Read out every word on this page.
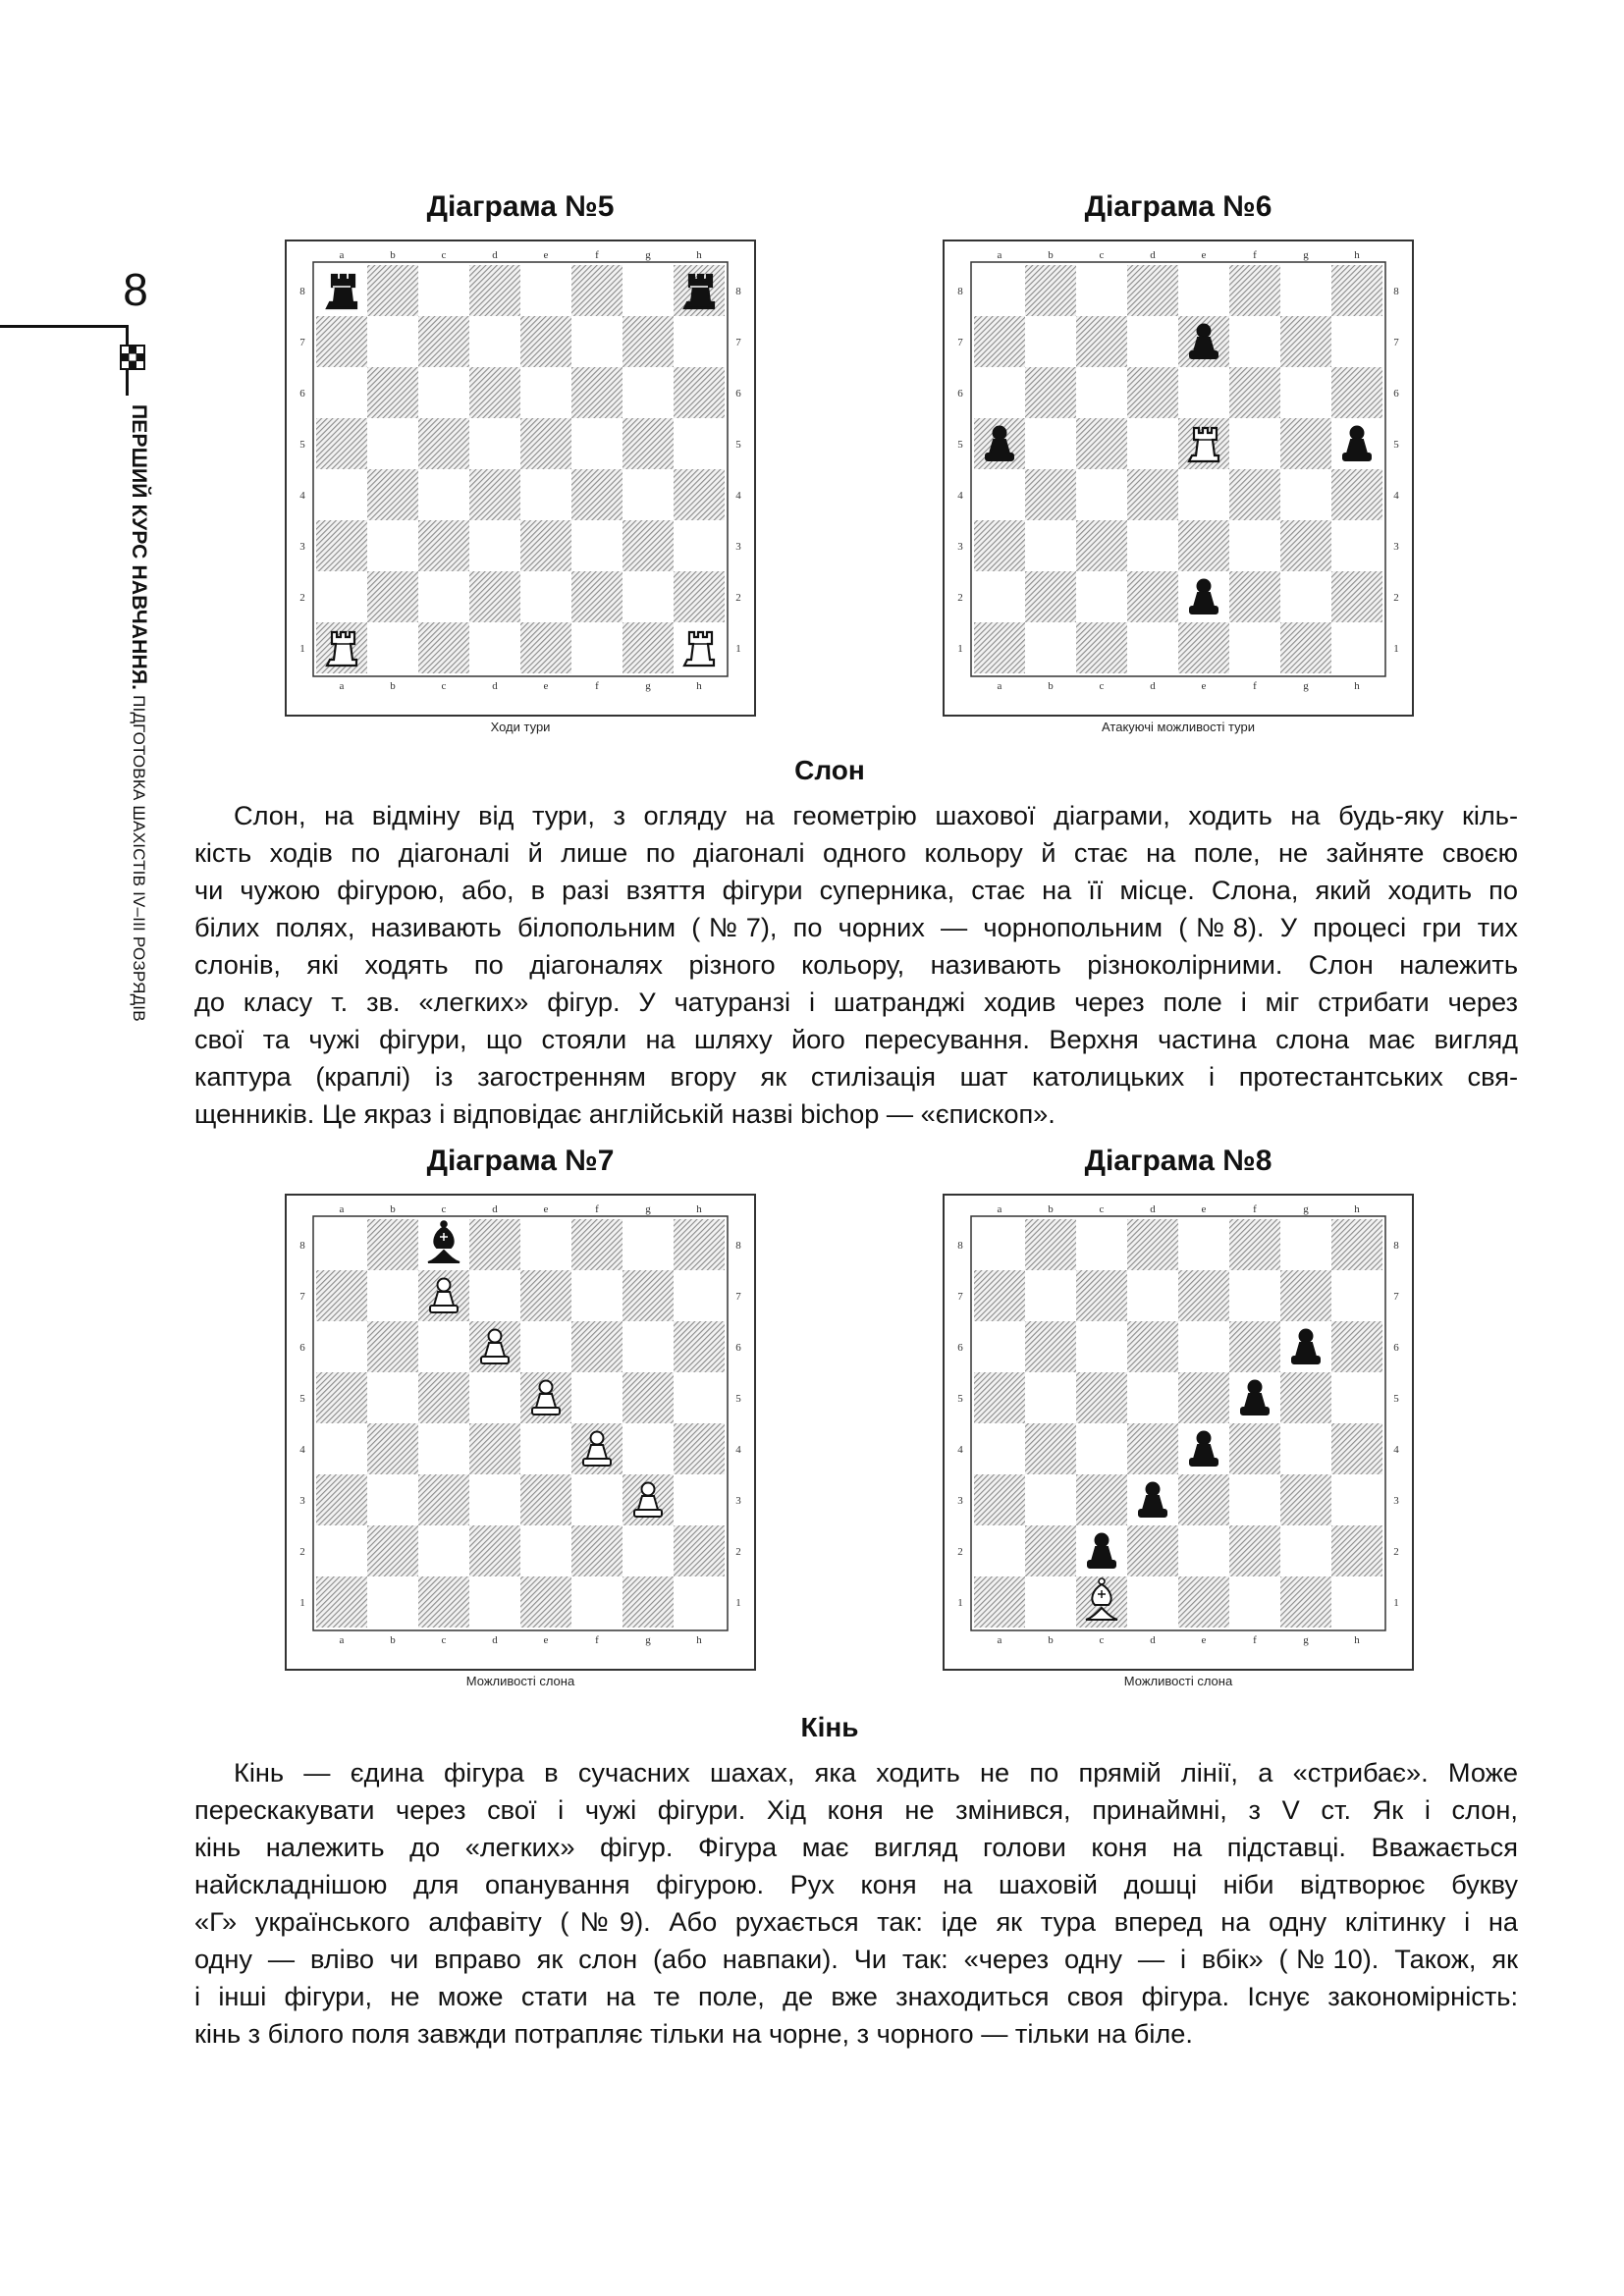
8
ПЕРШИЙ КУРС НАВЧАННЯ. ПІДГОТОВКА ШАХІСТІВ IV–III РОЗРЯДІВ
Діаграма №5
a
a
b
b
c
c
d
d
e
e
f
f
g
g
h
h
8	8
7	7
6	6
5	5
4	4
3	3
2	2
1	1
Ходи тури
Діаграма №6
a
a
b
b
c
c
d
d
e
e
f
f
g
g
h
h
8	8
7	7
6	6
5	5
4	4
3	3
2	2
1	1
Атакуючі можливості тури
Слон
Слон, на відміну від тури, з огляду на геометрію шахової діаграми, ходить на будь-яку кіль-
кість ходів по діагоналі й лише по діагоналі одного кольору й стає на поле, не зайняте своєю
чи чужою фігурою, або, в разі взяття фігури суперника, стає на її місце. Слона, який ходить по
білих полях, називають білопольним (№7), по чорних — чорнопольним (№8). У процесі гри тих
слонів, які ходять по діагоналях різного кольору, називають різноколірними. Слон належить
до класу т. зв. «легких» фігур. У чатуранзі і шатранджі ходив через поле і міг стрибати через
свої та чужі фігури, що стояли на шляху його пересування. Верхня частина слона має вигляд
каптура (краплі) із загостренням вгору як стилізація шат католицьких і протестантських свя-
щенників. Це якраз і відповідає англійській назві bichop — «єпископ».
Діаграма №7
a
a
b
b
c
c
d
d
e
e
f
f
g
g
h
h
8	8
7	7
6	6
5	5
4	4
3	3
2	2
1	1
Можливості слона
Діаграма №8
a
a
b
b
c
c
d
d
e
e
f
f
g
g
h
h
8	8
7	7
6	6
5	5
4	4
3	3
2	2
1	1
Можливості слона
Кінь
Кінь — єдина фігура в сучасних шахах, яка ходить не по прямій лінії, а «стрибає». Може
перескакувати через свої і чужі фігури. Хід коня не змінився, принаймні, з V ст. Як і слон,
кінь належить до «легких» фігур. Фігура має вигляд голови коня на підставці. Вважається
найскладнішою для опанування фігурою. Рух коня на шаховій дошці ніби відтворює букву
«Г» українського алфавіту (№9). Або рухається так: іде як тура вперед на одну клітинку і на
одну — вліво чи вправо як слон (або навпаки). Чи так: «через одну — і вбік» (№10). Також, як
і інші фігури, не може стати на те поле, де вже знаходиться своя фігура. Існує закономірність:
кінь з білого поля завжди потрапляє тільки на чорне, з чорного — тільки на біле.
